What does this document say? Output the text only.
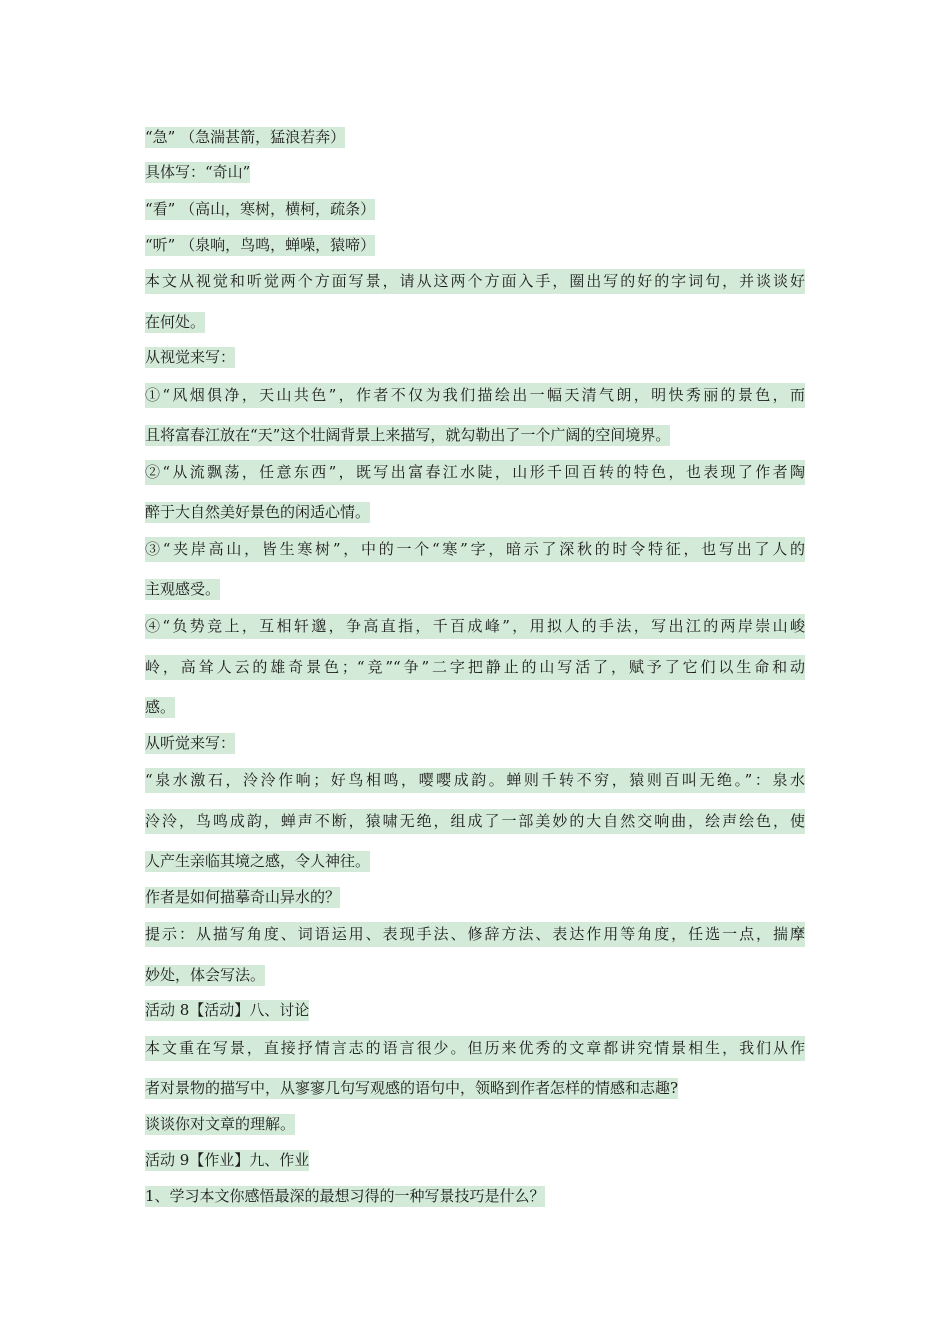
“急” （急湍甚箭，猛浪若奔）
具体写：“奇山”
“看” （高山，寒树，横柯，疏条）
“听” （泉响，鸟鸣，蝉噪，猿啼）
本文从视觉和听觉两个方面写景，请从这两个方面入手，圈出写的好的字词句，并谈谈好
在何处。
从视觉来写：
①“风烟俱净，天山共色”，作者不仅为我们描绘出一幅天清气朗，明快秀丽的景色，而
且将富春江放在“天”这个壮阔背景上来描写，就勾勒出了一个广阔的空间境界。
②“从流飘荡，任意东西”，既写出富春江水陡，山形千回百转的特色，也表现了作者陶
醉于大自然美好景色的闲适心情。
③“夹岸高山，皆生寒树”，中的一个“寒”字，暗示了深秋的时令特征，也写出了人的
主观感受。
④“负势竞上，互相轩邈，争高直指，千百成峰”，用拟人的手法，写出江的两岸崇山峻
岭，高耸人云的雄奇景色；“竞”“争”二字把静止的山写活了，赋予了它们以生命和动
感。
从听觉来写：
“泉水激石，泠泠作响；好鸟相鸣，嘤嘤成韵。蝉则千转不穷，猿则百叫无绝。”：泉水
泠泠，鸟鸣成韵，蝉声不断，猿啸无绝，组成了一部美妙的大自然交响曲，绘声绘色，使
人产生亲临其境之感，令人神往。
作者是如何描摹奇山异水的？
提示：从描写角度、词语运用、表现手法、修辞方法、表达作用等角度，任选一点，揣摩
妙处，体会写法。
活动 8【活动】八、讨论
本文重在写景，直接抒情言志的语言很少。但历来优秀的文章都讲究情景相生，我们从作
者对景物的描写中，从寥寥几句写观感的语句中，领略到作者怎样的情感和志趣?
谈谈你对文章的理解。
活动 9【作业】九、作业
1、学习本文你感悟最深的最想习得的一种写景技巧是什么？
